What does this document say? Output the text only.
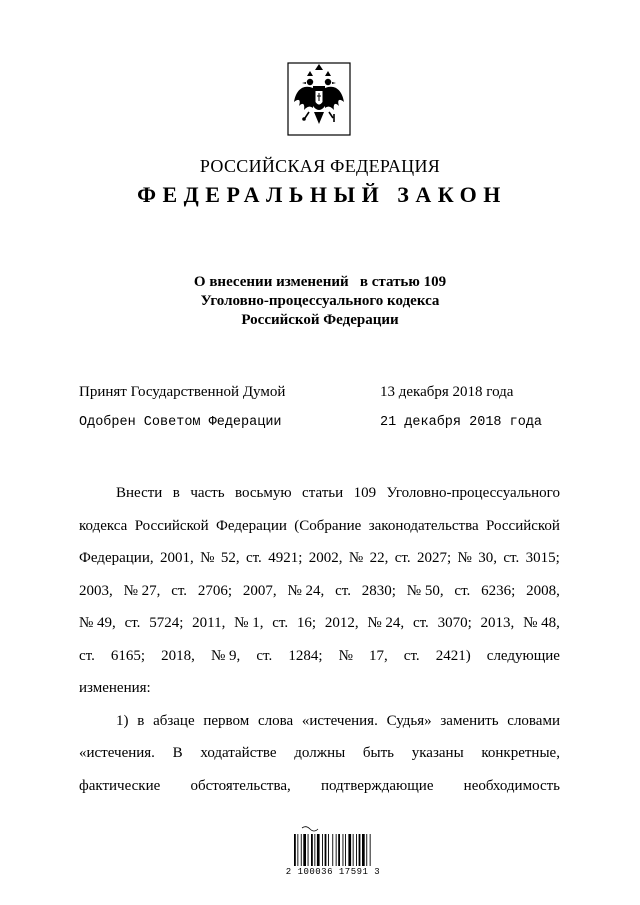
РОССИЙСКАЯ ФЕДЕРАЦИЯ
ФЕДЕРАЛЬНЫЙ ЗАКОН
О внесении изменений   в статью 109
Уголовно-процессуального кодекса
Российской Федерации
Принят Государственной Думой	13 декабря 2018 года
Одобрен Советом Федерации	21 декабря 2018 года
Внести в часть восьмую статьи 109 Уголовно-процессуального
кодекса Российской Федерации (Собрание законодательства Российской
Федерации, 2001, № 52, ст. 4921; 2002, № 22, ст. 2027; № 30, ст. 3015;
2003, № 27, ст. 2706; 2007, № 24, ст. 2830; № 50, ст. 6236; 2008,
№ 49, ст. 5724; 2011, № 1, ст. 16; 2012, № 24, ст. 3070; 2013, № 48,
ст. 6165; 2018, № 9, ст. 1284; № 17, ст. 2421) следующие
изменения:
1) в абзаце первом слова «истечения. Судья» заменить словами
«истечения. В ходатайстве должны быть указаны конкретные,
фактические обстоятельства, подтверждающие необходимость
2 100036 17591 3
